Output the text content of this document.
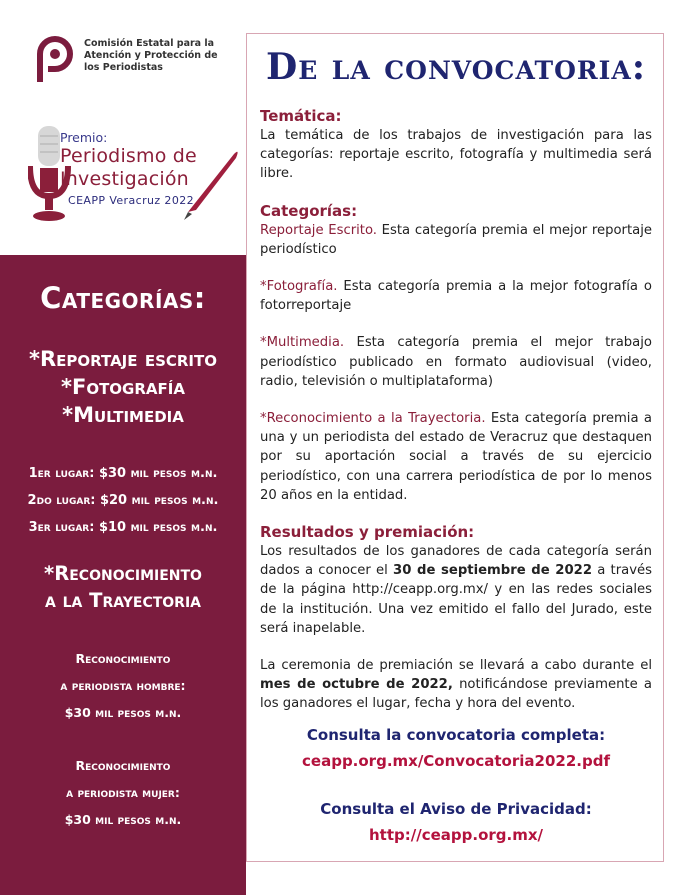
Comisión Estatal para la
Atención y Protección de
los Periodistas
Premio:
Periodismo de
Investigación
CEAPP Veracruz 2022
Categorías:
*Reportaje escrito
*Fotografía
*Multimedia
1er lugar: $30 mil pesos m.n.
2do lugar: $20 mil pesos m.n.
3er lugar: $10 mil pesos m.n.
*Reconocimiento
a la Trayectoria
Reconocimiento
a periodista hombre:
$30 mil pesos m.n.
Reconocimiento
a periodista mujer:
$30 mil pesos m.n.
De la convocatoria:
Temática:
La temática de los trabajos de investigación para las categorías: reportaje escrito, fotografía y multimedia será libre.
Categorías:
Reportaje Escrito. Esta categoría premia el mejor reportaje periodístico
*Fotografía. Esta categoría premia a la mejor fotografía o fotorreportaje
*Multimedia. Esta categoría premia el mejor trabajo periodístico publicado en formato audiovisual (video, radio, televisión o multiplataforma)
*Reconocimiento a la Trayectoria. Esta categoría premia a una y un periodista del estado de Veracruz que destaquen por su aportación social a través de su ejercicio periodístico, con una carrera periodística de por lo menos 20 años en la entidad.
Resultados y premiación:
Los resultados de los ganadores de cada categoría serán dados a conocer el 30 de septiembre de 2022 a través de la página http://ceapp.org.mx/ y en las redes sociales de la institución. Una vez emitido el fallo del Jurado, este será inapelable.
La ceremonia de premiación se llevará a cabo durante el mes de octubre de 2022, notificándose previamente a los ganadores el lugar, fecha y hora del evento.
Consulta la convocatoria completa:
ceapp.org.mx/Convocatoria2022.pdf
Consulta el Aviso de Privacidad:
http://ceapp.org.mx/
